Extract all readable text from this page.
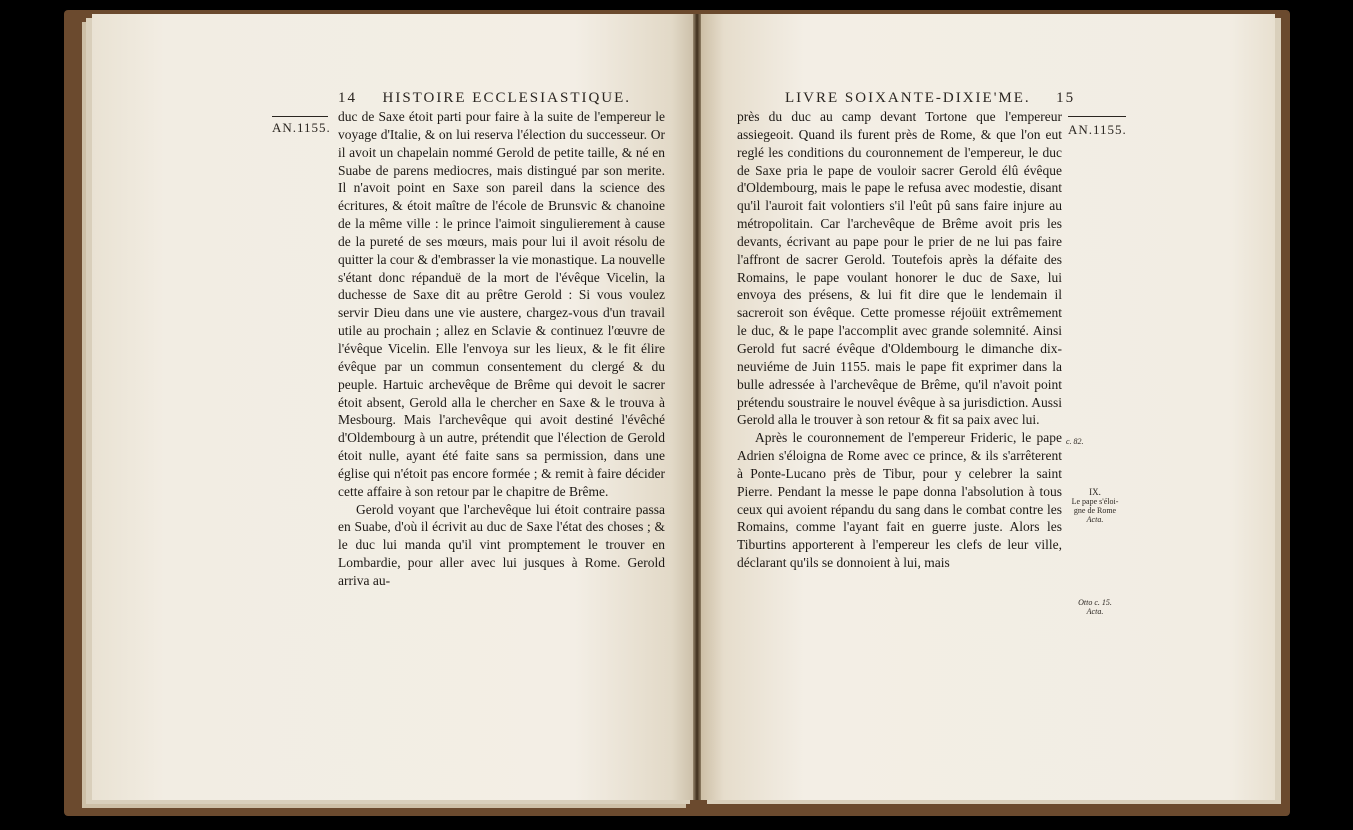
14 HISTOIRE ECCLESIASTIQUE.
AN.1155.

duc de Saxe étoit parti pour faire à la suite de l'empereur le voyage d'Italie, & on lui reserva l'élection du successeur. Or il avoit un chapelain nommé Gerold de petite taille, & né en Suabe de parens mediocres, mais distingué par son merite. Il n'avoit point en Saxe son pareil dans la science des écritures, & étoit maître de l'école de Brunsvic & chanoine de la même ville : le prince l'aimoit singulierement à cause de la pureté de ses mœurs, mais pour lui il avoit résolu de quitter la cour & d'embrasser la vie monastique. La nouvelle s'étant donc répanduë de la mort de l'évêque Vicelin, la duchesse de Saxe dit au prêtre Gerold : Si vous voulez servir Dieu dans une vie austere, chargez-vous d'un travail utile au prochain ; allez en Sclavie & continuez l'œuvre de l'évêque Vicelin. Elle l'envoya sur les lieux, & le fit élire évêque par un commun consentement du clergé & du peuple. Hartuic archevêque de Brême qui devoit le sacrer étoit absent, Gerold alla le chercher en Saxe & le trouva à Mesbourg. Mais l'archevêque qui avoit destiné l'évêché d'Oldembourg à un autre, prétendit que l'élection de Gerold étoit nulle, ayant été faite sans sa permission, dans une église qui n'étoit pas encore formée ; & remit à faire décider cette affaire à son retour par le chapitre de Brême.

Gerold voyant que l'archevêque lui étoit contraire passa en Suabe, d'où il écrivit au duc de Saxe l'état des choses ; & le duc lui manda qu'il vint promptement le trouver en Lombardie, pour aller avec lui jusques à Rome. Gerold arriva au-

LIVRE SOIXANTE-DIXIE'ME. 15
AN.1155.

près du duc au camp devant Tortone que l'empereur assiegeoit. Quand ils furent près de Rome, & que l'on eut reglé les conditions du couronnement de l'empereur, le duc de Saxe pria le pape de vouloir sacrer Gerold élû évêque d'Oldembourg, mais le pape le refusa avec modestie, disant qu'il l'auroit fait volontiers s'il l'eût pû sans faire injure au métropolitain. Car l'archevêque de Brême avoit pris les devants, écrivant au pape pour le prier de ne lui pas faire l'affront de sacrer Gerold. Toutefois après la défaite des Romains, le pape voulant honorer le duc de Saxe, lui envoya des présens, & lui fit dire que le lendemain il sacreroit son évêque. Cette promesse réjoüit extrêmement le duc, & le pape l'accomplit avec grande solemnité. Ainsi Gerold fut sacré évêque d'Oldembourg le dimanche dix-neuviéme de Juin 1155. mais le pape fit exprimer dans la bulle adressée à l'archevêque de Brême, qu'il n'avoit point prétendu soustraire le nouvel évêque à sa jurisdiction. Aussi Gerold alla le trouver à son retour & fit sa paix avec lui.

Après le couronnement de l'empereur Frideric, le pape Adrien s'éloigna de Rome avec ce prince, & ils s'arrêterent à Ponte-Lucano près de Tibur, pour y celebrer la saint Pierre. Pendant la messe le pape donna l'absolution à tous ceux qui avoient répandu du sang dans le combat contre les Romains, comme l'ayant fait en guerre juste. Alors les Tiburtins apporterent à l'empereur les clefs de leur ville, déclarant qu'ils se donnoient à lui, mais

c. 82.
IX.
Le pape s'éloi-
gne de Rome
Acta.
Otto c. 15.
Acta.
